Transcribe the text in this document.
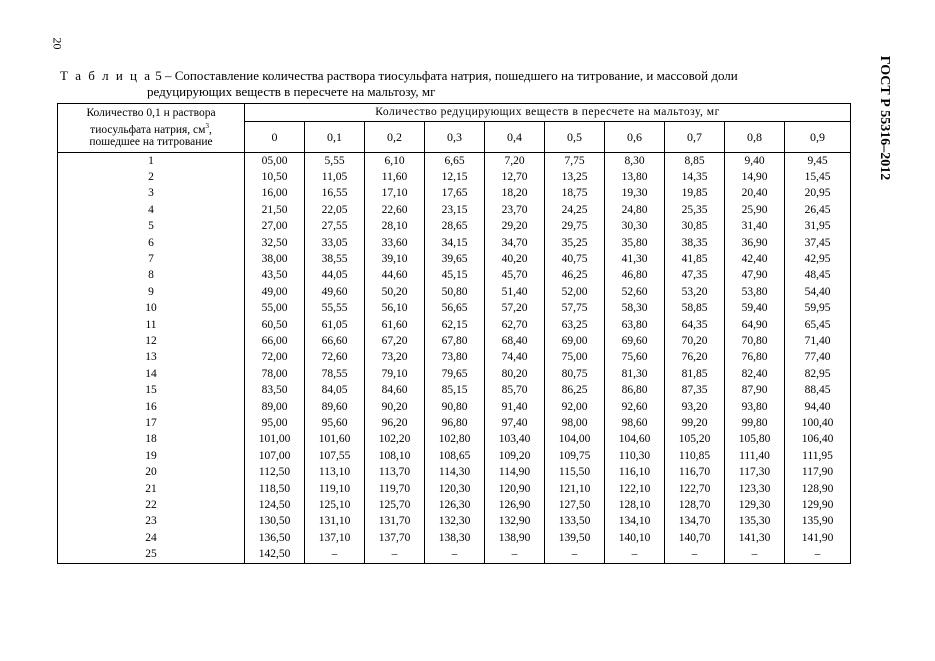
20
ГОСТ Р 55316–2012
Т а б л и ц а 5 – Сопоставление количества раствора тиосульфата натрия, пошедшего на титрование, и массовой доли
редуцирующих веществ в пересчете на мальтозу, мг
Количество 0,1 н раствора
тиосульфата натрия, $см^3$,
пошедшее на титрование	Количество редуцирующих веществ в пересчете на мальтозу, мг									
	0	0,1	0,2	0,3	0,4	0,5	0,6	0,7	0,8	0,9
1	05,00	5,55	6,10	6,65	7,20	7,75	8,30	8,85	9,40	9,45
2	10,50	11,05	11,60	12,15	12,70	13,25	13,80	14,35	14,90	15,45
3	16,00	16,55	17,10	17,65	18,20	18,75	19,30	19,85	20,40	20,95
4	21,50	22,05	22,60	23,15	23,70	24,25	24,80	25,35	25,90	26,45
5	27,00	27,55	28,10	28,65	29,20	29,75	30,30	30,85	31,40	31,95
6	32,50	33,05	33,60	34,15	34,70	35,25	35,80	38,35	36,90	37,45
7	38,00	38,55	39,10	39,65	40,20	40,75	41,30	41,85	42,40	42,95
8	43,50	44,05	44,60	45,15	45,70	46,25	46,80	47,35	47,90	48,45
9	49,00	49,60	50,20	50,80	51,40	52,00	52,60	53,20	53,80	54,40
10	55,00	55,55	56,10	56,65	57,20	57,75	58,30	58,85	59,40	59,95
11	60,50	61,05	61,60	62,15	62,70	63,25	63,80	64,35	64,90	65,45
12	66,00	66,60	67,20	67,80	68,40	69,00	69,60	70,20	70,80	71,40
13	72,00	72,60	73,20	73,80	74,40	75,00	75,60	76,20	76,80	77,40
14	78,00	78,55	79,10	79,65	80,20	80,75	81,30	81,85	82,40	82,95
15	83,50	84,05	84,60	85,15	85,70	86,25	86,80	87,35	87,90	88,45
16	89,00	89,60	90,20	90,80	91,40	92,00	92,60	93,20	93,80	94,40
17	95,00	95,60	96,20	96,80	97,40	98,00	98,60	99,20	99,80	100,40
18	101,00	101,60	102,20	102,80	103,40	104,00	104,60	105,20	105,80	106,40
19	107,00	107,55	108,10	108,65	109,20	109,75	110,30	110,85	111,40	111,95
20	112,50	113,10	113,70	114,30	114,90	115,50	116,10	116,70	117,30	117,90
21	118,50	119,10	119,70	120,30	120,90	121,10	122,10	122,70	123,30	128,90
22	124,50	125,10	125,70	126,30	126,90	127,50	128,10	128,70	129,30	129,90
23	130,50	131,10	131,70	132,30	132,90	133,50	134,10	134,70	135,30	135,90
24	136,50	137,10	137,70	138,30	138,90	139,50	140,10	140,70	141,30	141,90
25	142,50	–	–	–	–	–	–	–	–	–
